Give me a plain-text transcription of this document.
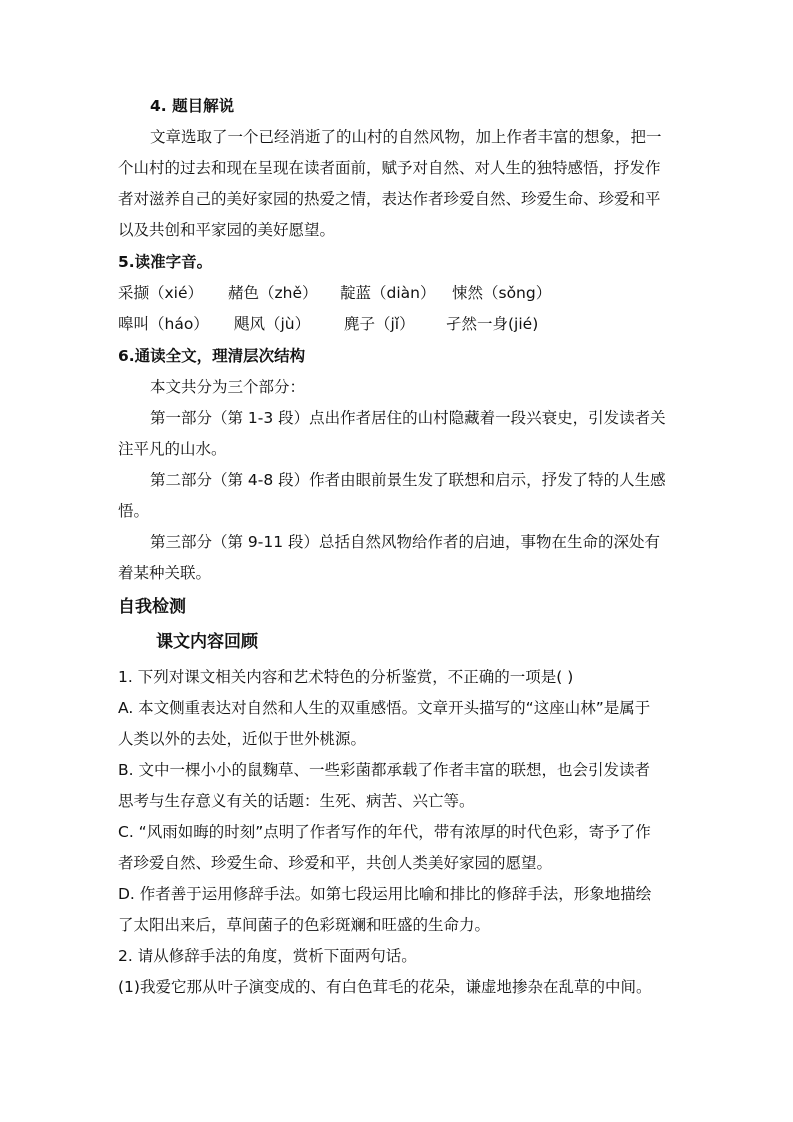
4. 题目解说
文章选取了一个已经消逝了的山村的自然风物，加上作者丰富的想象，把一
个山村的过去和现在呈现在读者面前，赋予对自然、对人生的独特感悟，抒发作
者对滋养自己的美好家园的热爱之情，表达作者珍爱自然、珍爱生命、珍爱和平
以及共创和平家园的美好愿望。
5.读准字音。
采撷（xié） 赭色（zhě） 靛蓝（diàn） 悚然（sǒng）
嗥叫（háo） 飓风（jù） 麂子（jǐ） 孑然一身(jié)
6.通读全文，理清层次结构
本文共分为三个部分：
第一部分（第 1-3 段）点出作者居住的山村隐藏着一段兴衰史，引发读者关
注平凡的山水。
第二部分（第 4-8 段）作者由眼前景生发了联想和启示，抒发了特的人生感
悟。
第三部分（第 9-11 段）总括自然风物给作者的启迪，事物在生命的深处有
着某种关联。
自我检测
课文内容回顾
1. 下列对课文相关内容和艺术特色的分析鉴赏，不正确的一项是( )
A. 本文侧重表达对自然和人生的双重感悟。文章开头描写的“这座山林”是属于
人类以外的去处，近似于世外桃源。
B. 文中一棵小小的鼠麴草、一些彩菌都承载了作者丰富的联想，也会引发读者
思考与生存意义有关的话题：生死、病苦、兴亡等。
C. “风雨如晦的时刻”点明了作者写作的年代，带有浓厚的时代色彩，寄予了作
者珍爱自然、珍爱生命、珍爱和平，共创人类美好家园的愿望。
D. 作者善于运用修辞手法。如第七段运用比喻和排比的修辞手法，形象地描绘
了太阳出来后，草间菌子的色彩斑斓和旺盛的生命力。
2. 请从修辞手法的角度，赏析下面两句话。
(1)我爱它那从叶子演变成的、有白色茸毛的花朵，谦虚地掺杂在乱草的中间。
